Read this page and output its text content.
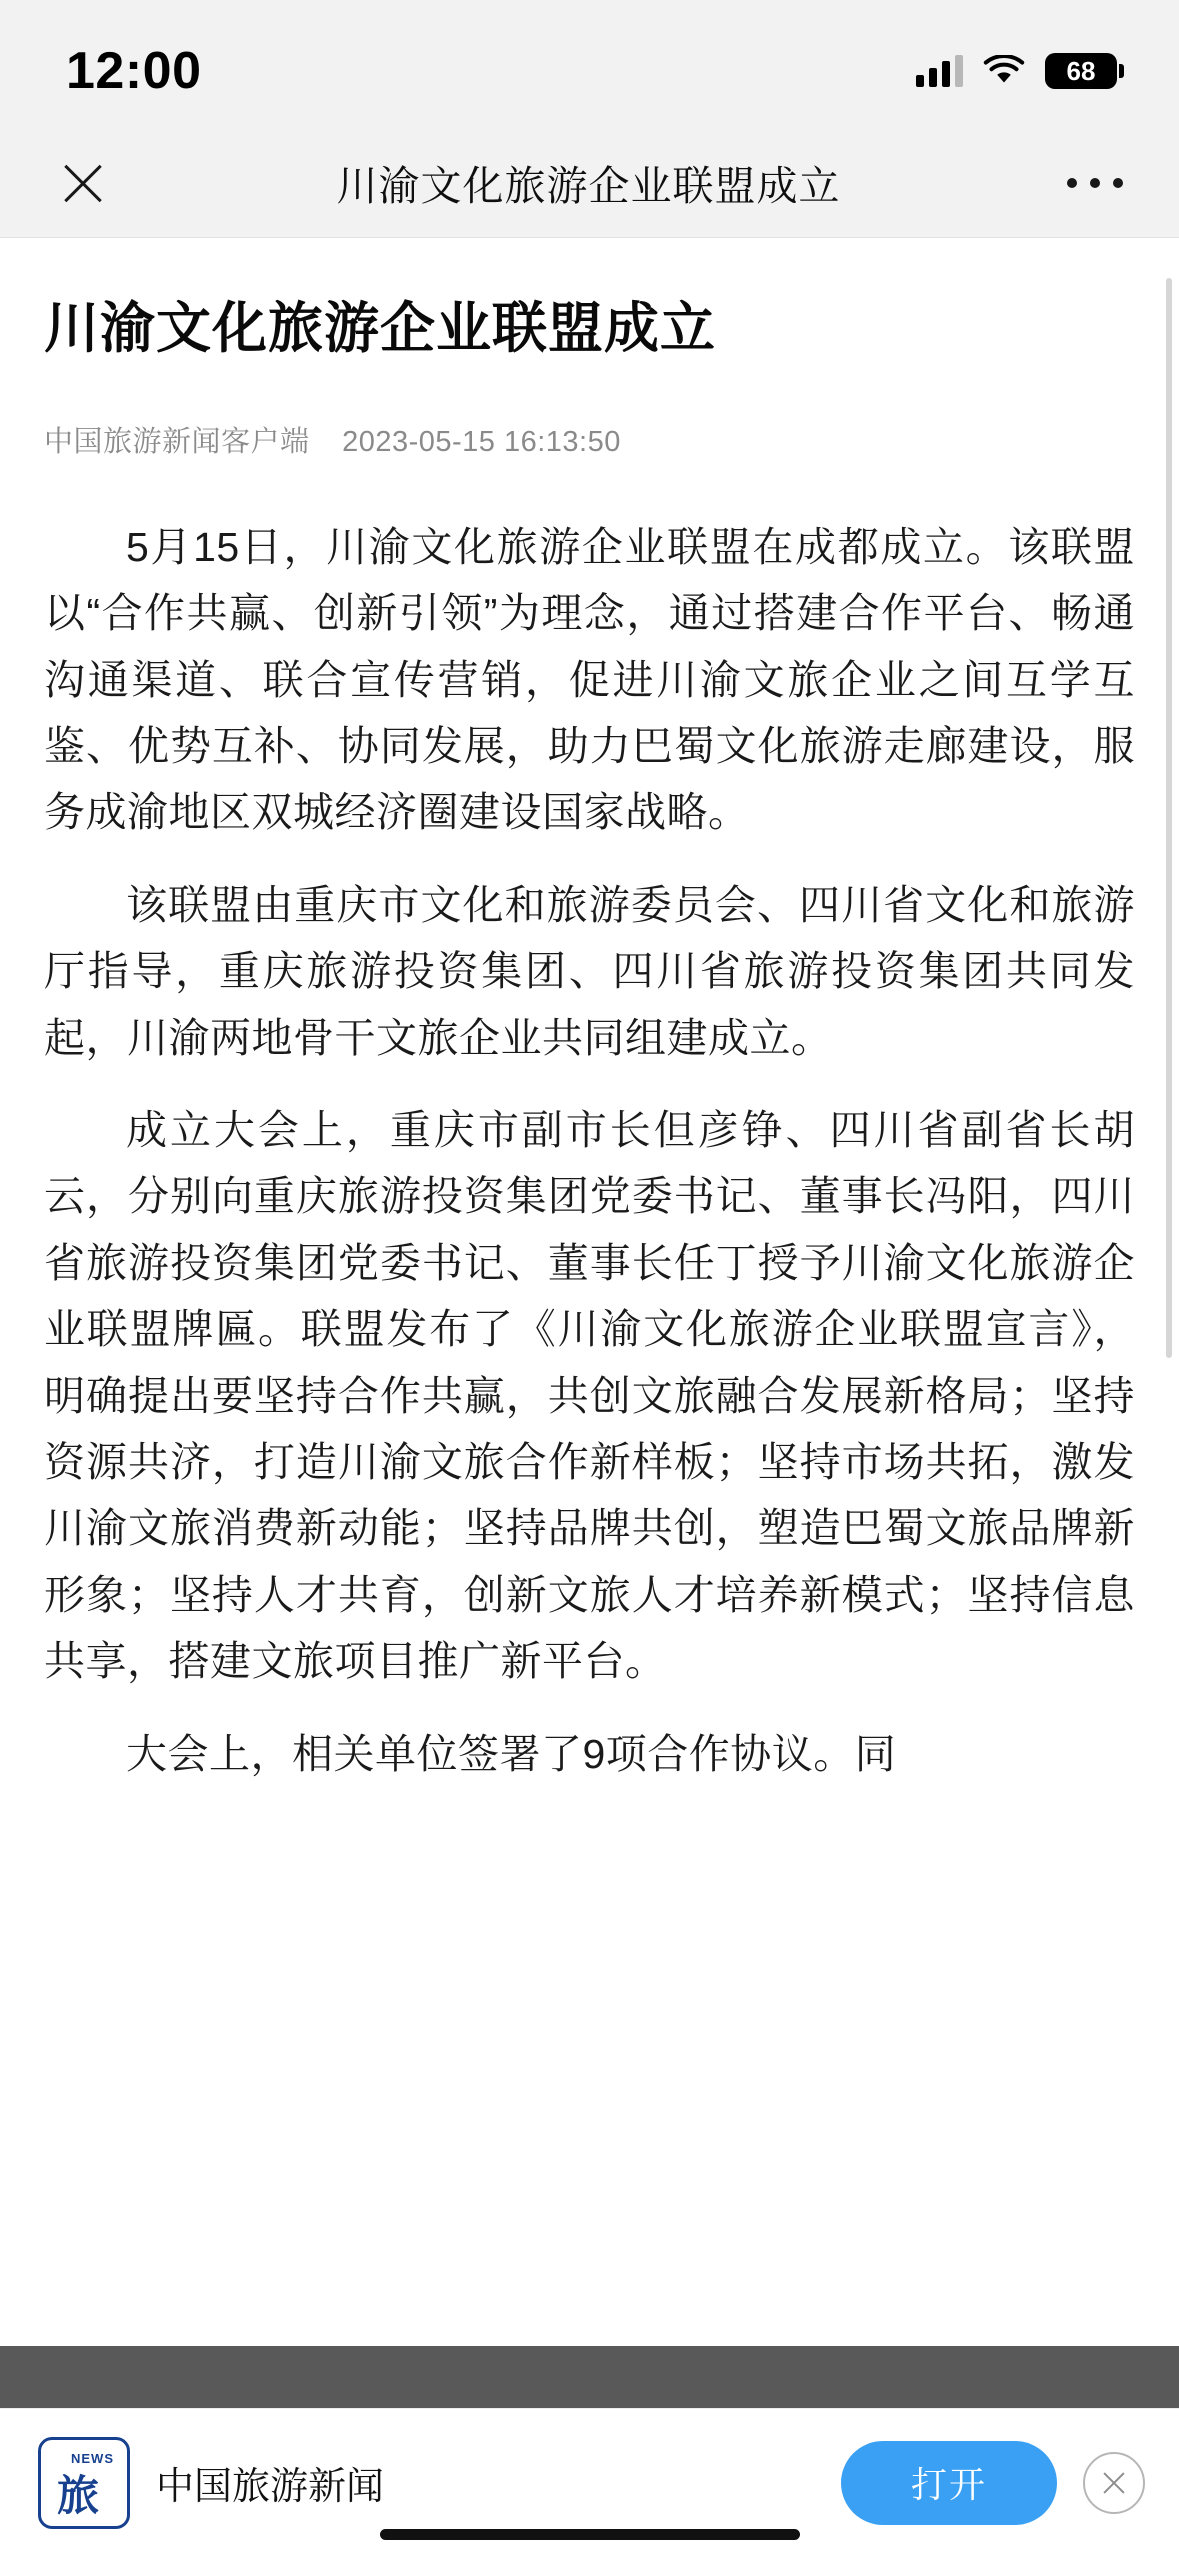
12:00	68
川渝文化旅游企业联盟成立
川渝文化旅游企业联盟成立
中国旅游新闻客户端 2023-05-15 16:13:50

5月15日，川渝文化旅游企业联盟在成都成立。该联盟以“合作共赢、创新引领”为理念，通过搭建合作平台、畅通沟通渠道、联合宣传营销，促进川渝文旅企业之间互学互鉴、优势互补、协同发展，助力巴蜀文化旅游走廊建设，服务成渝地区双城经济圈建设国家战略。

该联盟由重庆市文化和旅游委员会、四川省文化和旅游厅指导，重庆旅游投资集团、四川省旅游投资集团共同发起，川渝两地骨干文旅企业共同组建成立。

成立大会上，重庆市副市长但彦铮、四川省副省长胡云，分别向重庆旅游投资集团党委书记、董事长冯阳，四川省旅游投资集团党委书记、董事长任丁授予川渝文化旅游企业联盟牌匾。联盟发布了《川渝文化旅游企业联盟宣言》，明确提出要坚持合作共赢，共创文旅融合发展新格局；坚持资源共济，打造川渝文旅合作新样板；坚持市场共拓，激发川渝文旅消费新动能；坚持品牌共创，塑造巴蜀文旅品牌新形象；坚持人才共育，创新文旅人才培养新模式；坚持信息共享，搭建文旅项目推广新平台。

大会上，相关单位签署了9项合作协议。同

NEWS
旅 中国旅游新闻	打开
